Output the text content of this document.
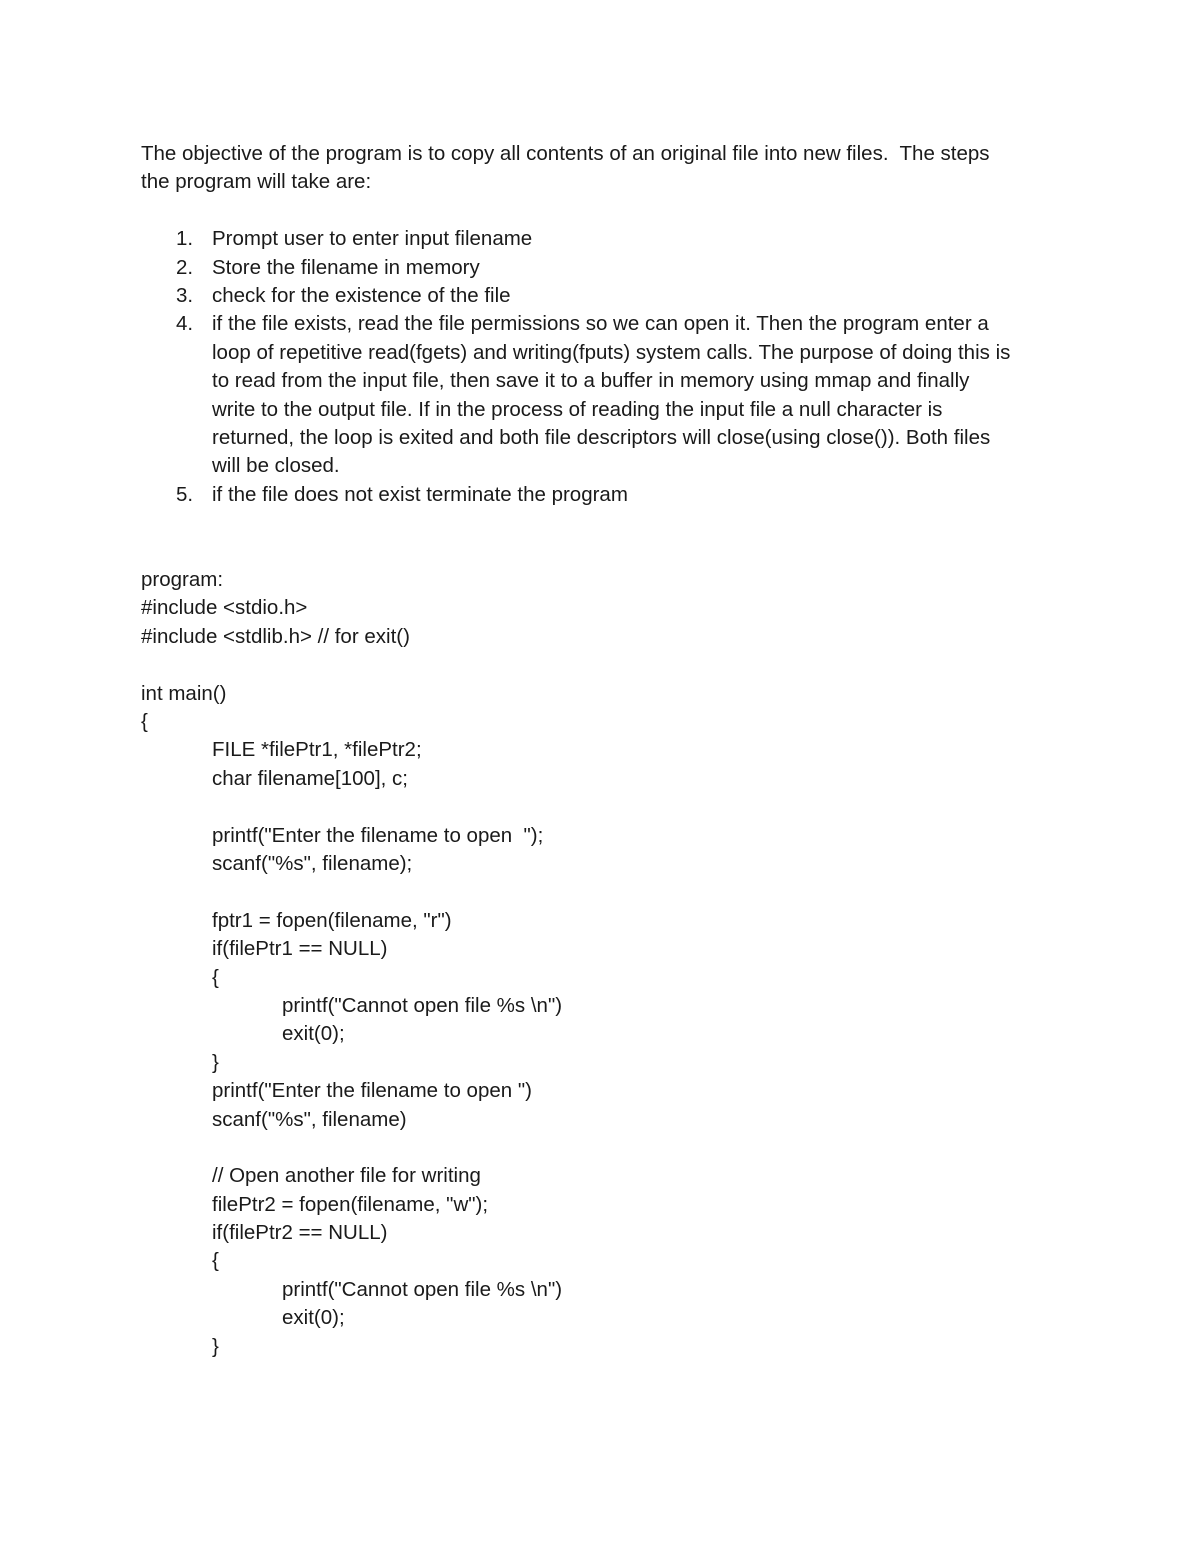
The objective of the program is to copy all contents of an original file into new files.  The steps

the program will take are:

1. Prompt user to enter input filename
2. Store the filename in memory
3. check for the existence of the file
4. if the file exists, read the file permissions so we can open it. Then the program enter a
loop of repetitive read(fgets) and writing(fputs) system calls. The purpose of doing this is
to read from the input file, then save it to a buffer in memory using mmap and finally
write to the output file. If in the process of reading the input file a null character is
returned, the loop is exited and both file descriptors will close(using close()). Both files
will be closed.
5. if the file does not exist terminate the program

program:

#include <stdio.h>
#include <stdlib.h> // for exit()
int main()
{
FILE *filePtr1, *filePtr2;
char filename[100], c;
printf("Enter the filename to open  ");
scanf("%s", filename);
fptr1 = fopen(filename, "r")
if(filePtr1 == NULL)
{
printf("Cannot open file %s \n")
exit(0);
}
printf("Enter the filename to open ")
scanf("%s", filename)
// Open another file for writing
filePtr2 = fopen(filename, "w");
if(filePtr2 == NULL)
{
printf("Cannot open file %s \n")
exit(0);
}
